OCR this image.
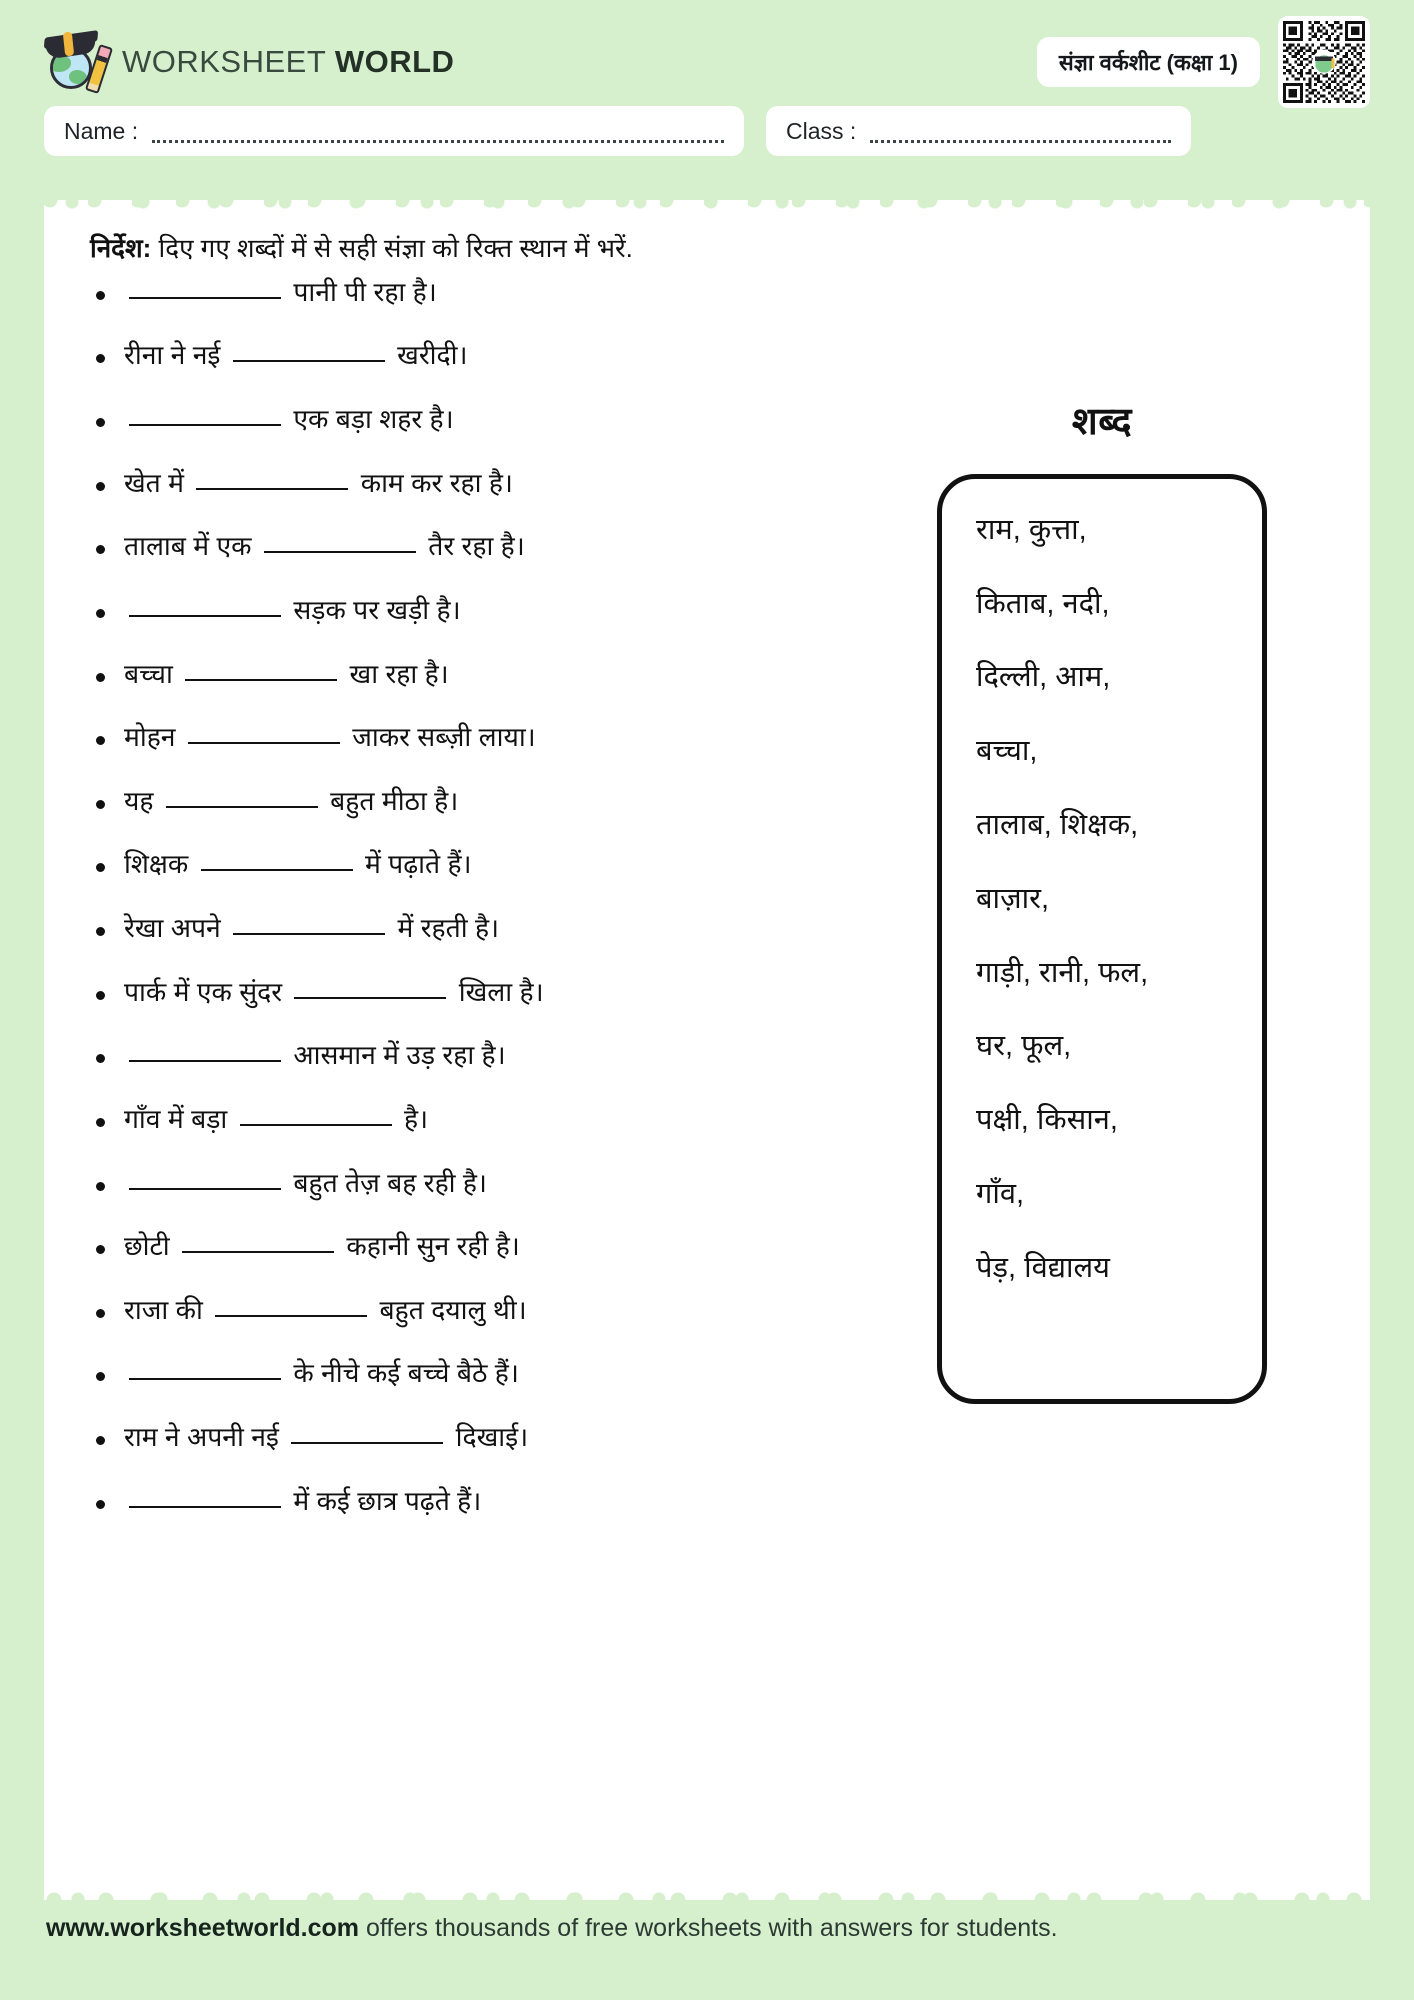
WORKSHEET WORLD	संज्ञा वर्कशीट (कक्षा 1)
Name :	Class :
निर्देश: दिए गए शब्दों में से सही संज्ञा को रिक्त स्थान में भरें.
पानी पी रहा है।
रीना ने नई	खरीदी।
एक बड़ा शहर है।
खेत में	काम कर रहा है।
तालाब में एक	तैर रहा है।
सड़क पर खड़ी है।
बच्चा	खा रहा है।
मोहन	जाकर सब्ज़ी लाया।
यह	बहुत मीठा है।
शिक्षक	में पढ़ाते हैं।
रेखा अपने	में रहती है।
पार्क में एक सुंदर	खिला है।
आसमान में उड़ रहा है।
गाँव में बड़ा	है।
बहुत तेज़ बह रही है।
छोटी	कहानी सुन रही है।
राजा की	बहुत दयालु थी।
के नीचे कई बच्चे बैठे हैं।
राम ने अपनी नई	दिखाई।
में कई छात्र पढ़ते हैं।
शब्द
राम, कुत्ता,
किताब, नदी,
दिल्ली, आम,
बच्चा,
तालाब, शिक्षक,
बाज़ार,
गाड़ी, रानी, फल,
घर, फूल,
पक्षी, किसान,
गाँव,
पेड़, विद्यालय
www.worksheetworld.com offers thousands of free worksheets with answers for students.
